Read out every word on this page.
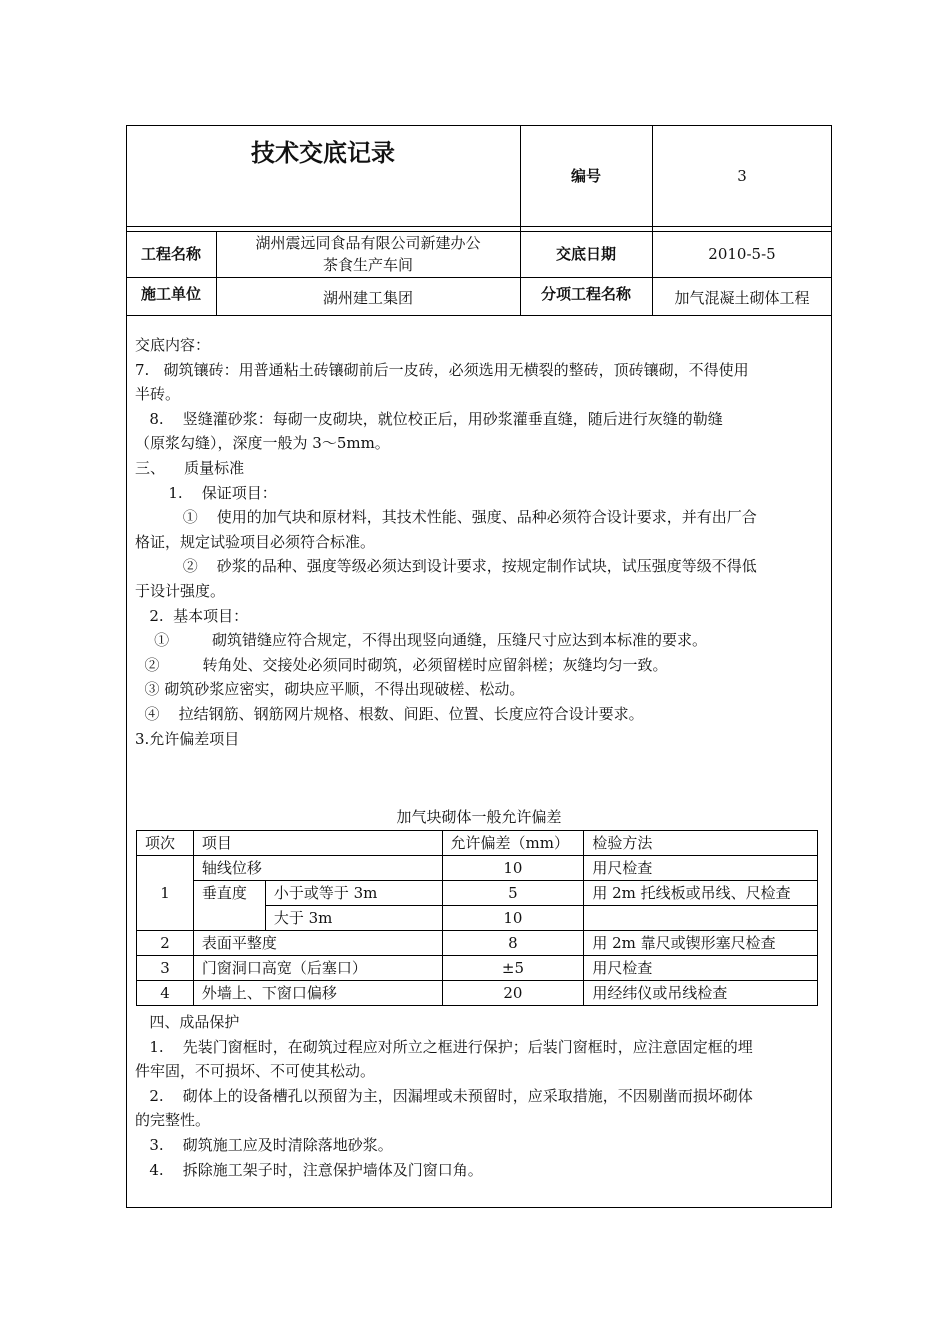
技术交底记录
编号	3
工程名称
湖州震远同食品有限公司新建办公
茶食生产车间
交底日期	2010-5-5
施工单位	湖州建工集团	分项工程名称	加气混凝土砌体工程

交底内容：

7.   砌筑镶砖：用普通粘土砖镶砌前后一皮砖，必须选用无横裂的整砖，顶砖镶砌，不得使用

半砖。

8.    竖缝灌砂浆：每砌一皮砌块，就位校正后，用砂浆灌垂直缝，随后进行灰缝的勒缝

（原浆勾缝），深度一般为 3～5mm。

三、    质量标准

1.    保证项目：

①    使用的加气块和原材料，其技术性能、强度、品种必须符合设计要求，并有出厂合

格证，规定试验项目必须符合标准。

②    砂浆的品种、强度等级必须达到设计要求，按规定制作试块，试压强度等级不得低

于设计强度。

2.  基本项目：

①         砌筑错缝应符合规定，不得出现竖向通缝，压缝尺寸应达到本标准的要求。

②         转角处、交接处必须同时砌筑，必须留槎时应留斜槎；灰缝均匀一致。

③ 砌筑砂浆应密实，砌块应平顺，不得出现破槎、松动。

④    拉结钢筋、钢筋网片规格、根数、间距、位置、长度应符合设计要求。

3.允许偏差项目

加气块砌体一般允许偏差
项次	项目		允许偏差（mm）	检验方法
1	轴线位移		10	用尺检查
	垂直度	小于或等于 3m	5	用 2m 托线板或吊线、尺检查
		大于 3m	10	
2	表面平整度		8	用 2m 靠尺或锲形塞尺检查
3	门窗洞口高宽（后塞口）		±5	用尺检查
4	外墙上、下窗口偏移		20	用经纬仪或吊线检查

四、成品保护

1.    先装门窗框时，在砌筑过程应对所立之框进行保护；后装门窗框时，应注意固定框的埋

件牢固，不可损坏、不可使其松动。

2.    砌体上的设备槽孔以预留为主，因漏埋或未预留时，应采取措施，不因剔凿而损坏砌体

的完整性。

3.    砌筑施工应及时清除落地砂浆。

4.    拆除施工架子时，注意保护墙体及门窗口角。
